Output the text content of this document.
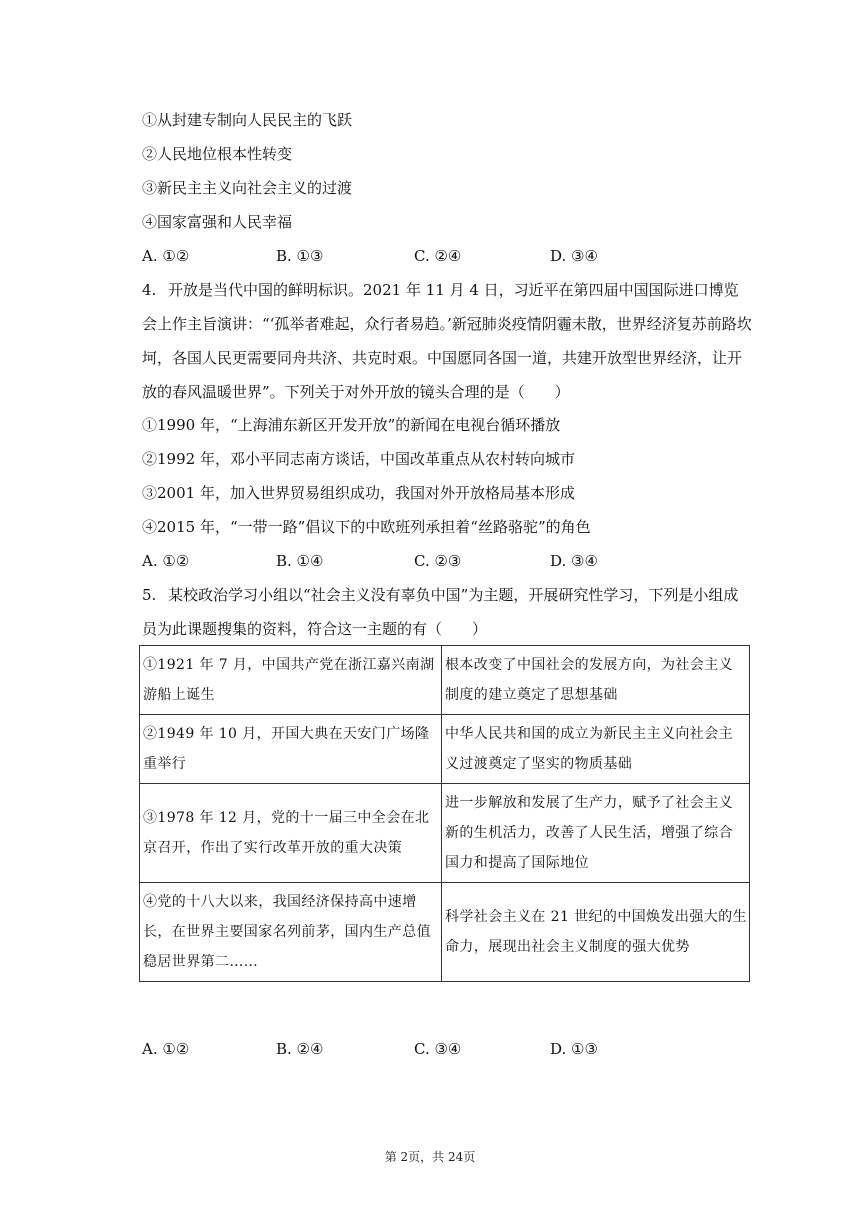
①从封建专制向人民民主的飞跃
②人民地位根本性转变
③新民主主义向社会主义的过渡
④国家富强和人民幸福
A. ①②	B. ①③	C. ②④	D. ③④
4. 开放是当代中国的鲜明标识。2021 年 11 月 4 日，习近平在第四届中国国际进口博览会上作主旨演讲：“‘孤举者难起，众行者易趋。’新冠肺炎疫情阴霾未散，世界经济复苏前路坎坷，各国人民更需要同舟共济、共克时艰。中国愿同各国一道，共建开放型世界经济，让开放的春风温暖世界”。下列关于对外开放的镜头合理的是（　　）
①1990 年，“上海浦东新区开发开放”的新闻在电视台循环播放
②1992 年，邓小平同志南方谈话，中国改革重点从农村转向城市
③2001 年，加入世界贸易组织成功，我国对外开放格局基本形成
④2015 年，“一带一路”倡议下的中欧班列承担着“丝路骆驼”的角色
A. ①②	B. ①④	C. ②③	D. ③④
5. 某校政治学习小组以“社会主义没有辜负中国”为主题，开展研究性学习，下列是小组成员为此课题搜集的资料，符合这一主题的有（　　）
①1921 年 7 月，中国共产党在浙江嘉兴南湖游船上诞生	根本改变了中国社会的发展方向，为社会主义制度的建立奠定了思想基础
②1949 年 10 月，开国大典在天安门广场隆重举行	中华人民共和国的成立为新民主主义向社会主义过渡奠定了坚实的物质基础
③1978 年 12 月，党的十一届三中全会在北京召开，作出了实行改革开放的重大决策	进一步解放和发展了生产力，赋予了社会主义新的生机活力，改善了人民生活，增强了综合国力和提高了国际地位
④党的十八大以来，我国经济保持高中速增长，在世界主要国家名列前茅，国内生产总值稳居世界第二……	科学社会主义在 21 世纪的中国焕发出强大的生命力，展现出社会主义制度的强大优势
A. ①②	B. ②④	C. ③④	D. ①③
第 2页，共 24页
